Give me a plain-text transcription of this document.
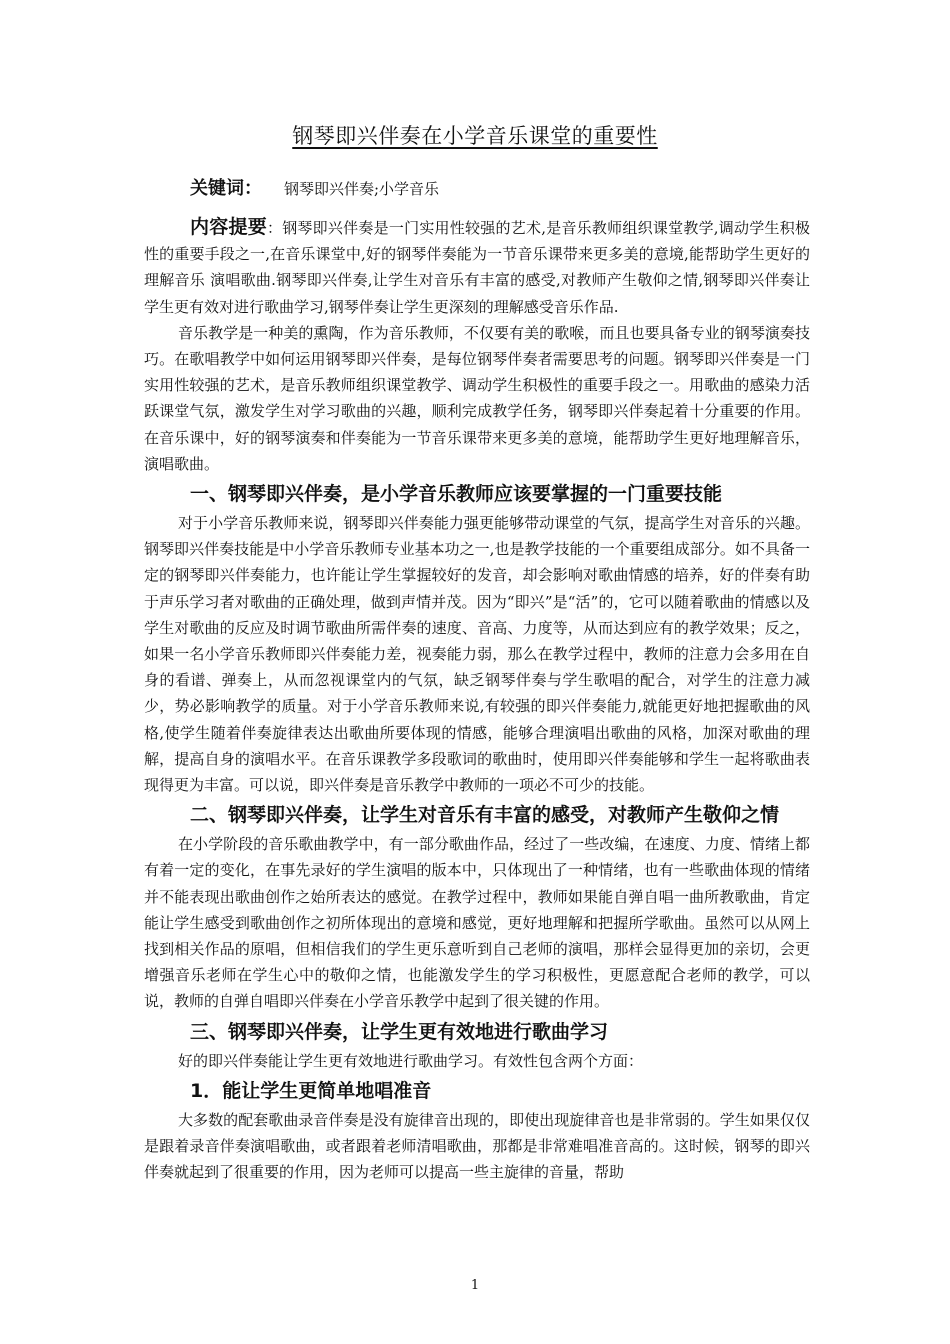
钢琴即兴伴奏在小学音乐课堂的重要性
关键词： 钢琴即兴伴奏;小学音乐

内容提要：钢琴即兴伴奏是一门实用性较强的艺术,是音乐教师组织课堂教学,调动学生积极性的重要手段之一,在音乐课堂中,好的钢琴伴奏能为一节音乐课带来更多美的意境,能帮助学生更好的理解音乐 演唱歌曲.钢琴即兴伴奏,让学生对音乐有丰富的感受,对教师产生敬仰之情,钢琴即兴伴奏让学生更有效对进行歌曲学习,钢琴伴奏让学生更深刻的理解感受音乐作品.

音乐教学是一种美的熏陶，作为音乐教师，不仅要有美的歌喉，而且也要具备专业的钢琴演奏技巧。在歌唱教学中如何运用钢琴即兴伴奏，是每位钢琴伴奏者需要思考的问题。钢琴即兴伴奏是一门实用性较强的艺术，是音乐教师组织课堂教学、调动学生积极性的重要手段之一。用歌曲的感染力活跃课堂气氛，激发学生对学习歌曲的兴趣，顺利完成教学任务，钢琴即兴伴奏起着十分重要的作用。在音乐课中，好的钢琴演奏和伴奏能为一节音乐课带来更多美的意境，能帮助学生更好地理解音乐，演唱歌曲。

一、钢琴即兴伴奏，是小学音乐教师应该要掌握的一门重要技能

对于小学音乐教师来说，钢琴即兴伴奏能力强更能够带动课堂的气氛，提高学生对音乐的兴趣。钢琴即兴伴奏技能是中小学音乐教师专业基本功之一,也是教学技能的一个重要组成部分。如不具备一定的钢琴即兴伴奏能力，也许能让学生掌握较好的发音，却会影响对歌曲情感的培养，好的伴奏有助于声乐学习者对歌曲的正确处理，做到声情并茂。因为“即兴”是“活”的，它可以随着歌曲的情感以及学生对歌曲的反应及时调节歌曲所需伴奏的速度、音高、力度等，从而达到应有的教学效果；反之，如果一名小学音乐教师即兴伴奏能力差，视奏能力弱，那么在教学过程中，教师的注意力会多用在自身的看谱、弹奏上，从而忽视课堂内的气氛，缺乏钢琴伴奏与学生歌唱的配合，对学生的注意力减少，势必影响教学的质量。对于小学音乐教师来说,有较强的即兴伴奏能力,就能更好地把握歌曲的风格,使学生随着伴奏旋律表达出歌曲所要体现的情感，能够合理演唱出歌曲的风格，加深对歌曲的理解，提高自身的演唱水平。在音乐课教学多段歌词的歌曲时，使用即兴伴奏能够和学生一起将歌曲表现得更为丰富。可以说，即兴伴奏是音乐教学中教师的一项必不可少的技能。

二、钢琴即兴伴奏，让学生对音乐有丰富的感受，对教师产生敬仰之情

在小学阶段的音乐歌曲教学中，有一部分歌曲作品，经过了一些改编，在速度、力度、情绪上都有着一定的变化，在事先录好的学生演唱的版本中，只体现出了一种情绪，也有一些歌曲体现的情绪并不能表现出歌曲创作之始所表达的感觉。在教学过程中，教师如果能自弹自唱一曲所教歌曲，肯定能让学生感受到歌曲创作之初所体现出的意境和感觉，更好地理解和把握所学歌曲。虽然可以从网上找到相关作品的原唱，但相信我们的学生更乐意听到自己老师的演唱，那样会显得更加的亲切，会更增强音乐老师在学生心中的敬仰之情，也能激发学生的学习积极性，更愿意配合老师的教学，可以说，教师的自弹自唱即兴伴奏在小学音乐教学中起到了很关键的作用。

三、钢琴即兴伴奏，让学生更有效地进行歌曲学习

好的即兴伴奏能让学生更有效地进行歌曲学习。有效性包含两个方面：

1．能让学生更简单地唱准音

大多数的配套歌曲录音伴奏是没有旋律音出现的，即使出现旋律音也是非常弱的。学生如果仅仅是跟着录音伴奏演唱歌曲，或者跟着老师清唱歌曲，那都是非常难唱准音高的。这时候，钢琴的即兴伴奏就起到了很重要的作用，因为老师可以提高一些主旋律的音量，帮助

1
